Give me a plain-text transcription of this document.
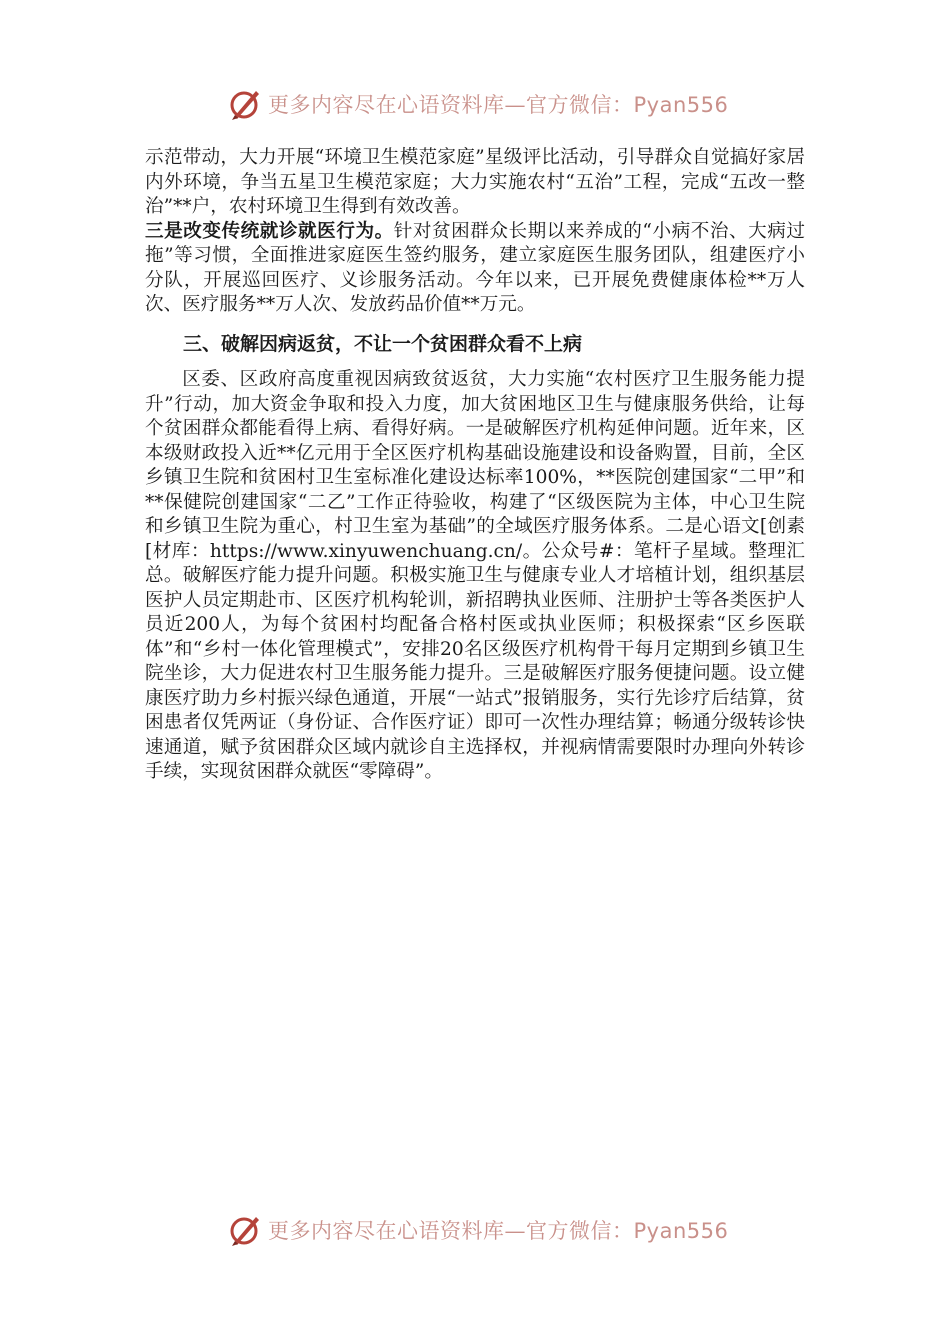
更多内容尽在心语资料库—官方微信：Pyan556

示范带动，大力开展“环境卫生模范家庭”星级评比活动，引导群众自觉搞好家居内外环境，争当五星卫生模范家庭；大力实施农村“五治”工程，完成“五改一整治”**户，农村环境卫生得到有效改善。

三是改变传统就诊就医行为。针对贫困群众长期以来养成的“小病不治、大病过拖”等习惯，全面推进家庭医生签约服务，建立家庭医生服务团队，组建医疗小分队，开展巡回医疗、义诊服务活动。今年以来，已开展免费健康体检**万人次、医疗服务**万人次、发放药品价值**万元。

三、破解因病返贫，不让一个贫困群众看不上病

区委、区政府高度重视因病致贫返贫，大力实施“农村医疗卫生服务能力提升”行动，加大资金争取和投入力度，加大贫困地区卫生与健康服务供给，让每个贫困群众都能看得上病、看得好病。一是破解医疗机构延伸问题。近年来，区本级财政投入近**亿元用于全区医疗机构基础设施建设和设备购置，目前，全区乡镇卫生院和贫困村卫生室标准化建设达标率100%，**医院创建国家“二甲”和**保健院创建国家“二乙”工作正待验收，构建了“区级医院为主体，中心卫生院和乡镇卫生院为重心，村卫生室为基础”的全域医疗服务体系。二是心语文[创素[材库：https://www.xinyuwenchuang.cn/。公众号#：笔杆子星域。整理汇总。破解医疗能力提升问题。积极实施卫生与健康专业人才培植计划，组织基层医护人员定期赴市、区医疗机构轮训，新招聘执业医师、注册护士等各类医护人员近200人，为每个贫困村均配备合格村医或执业医师；积极探索“区乡医联体”和“乡村一体化管理模式”，安排20名区级医疗机构骨干每月定期到乡镇卫生院坐诊，大力促进农村卫生服务能力提升。三是破解医疗服务便捷问题。设立健康医疗助力乡村振兴绿色通道，开展“一站式”报销服务，实行先诊疗后结算，贫困患者仅凭两证（身份证、合作医疗证）即可一次性办理结算；畅通分级转诊快速通道，赋予贫困群众区域内就诊自主选择权，并视病情需要限时办理向外转诊手续，实现贫困群众就医“零障碍”。

更多内容尽在心语资料库—官方微信：Pyan556
